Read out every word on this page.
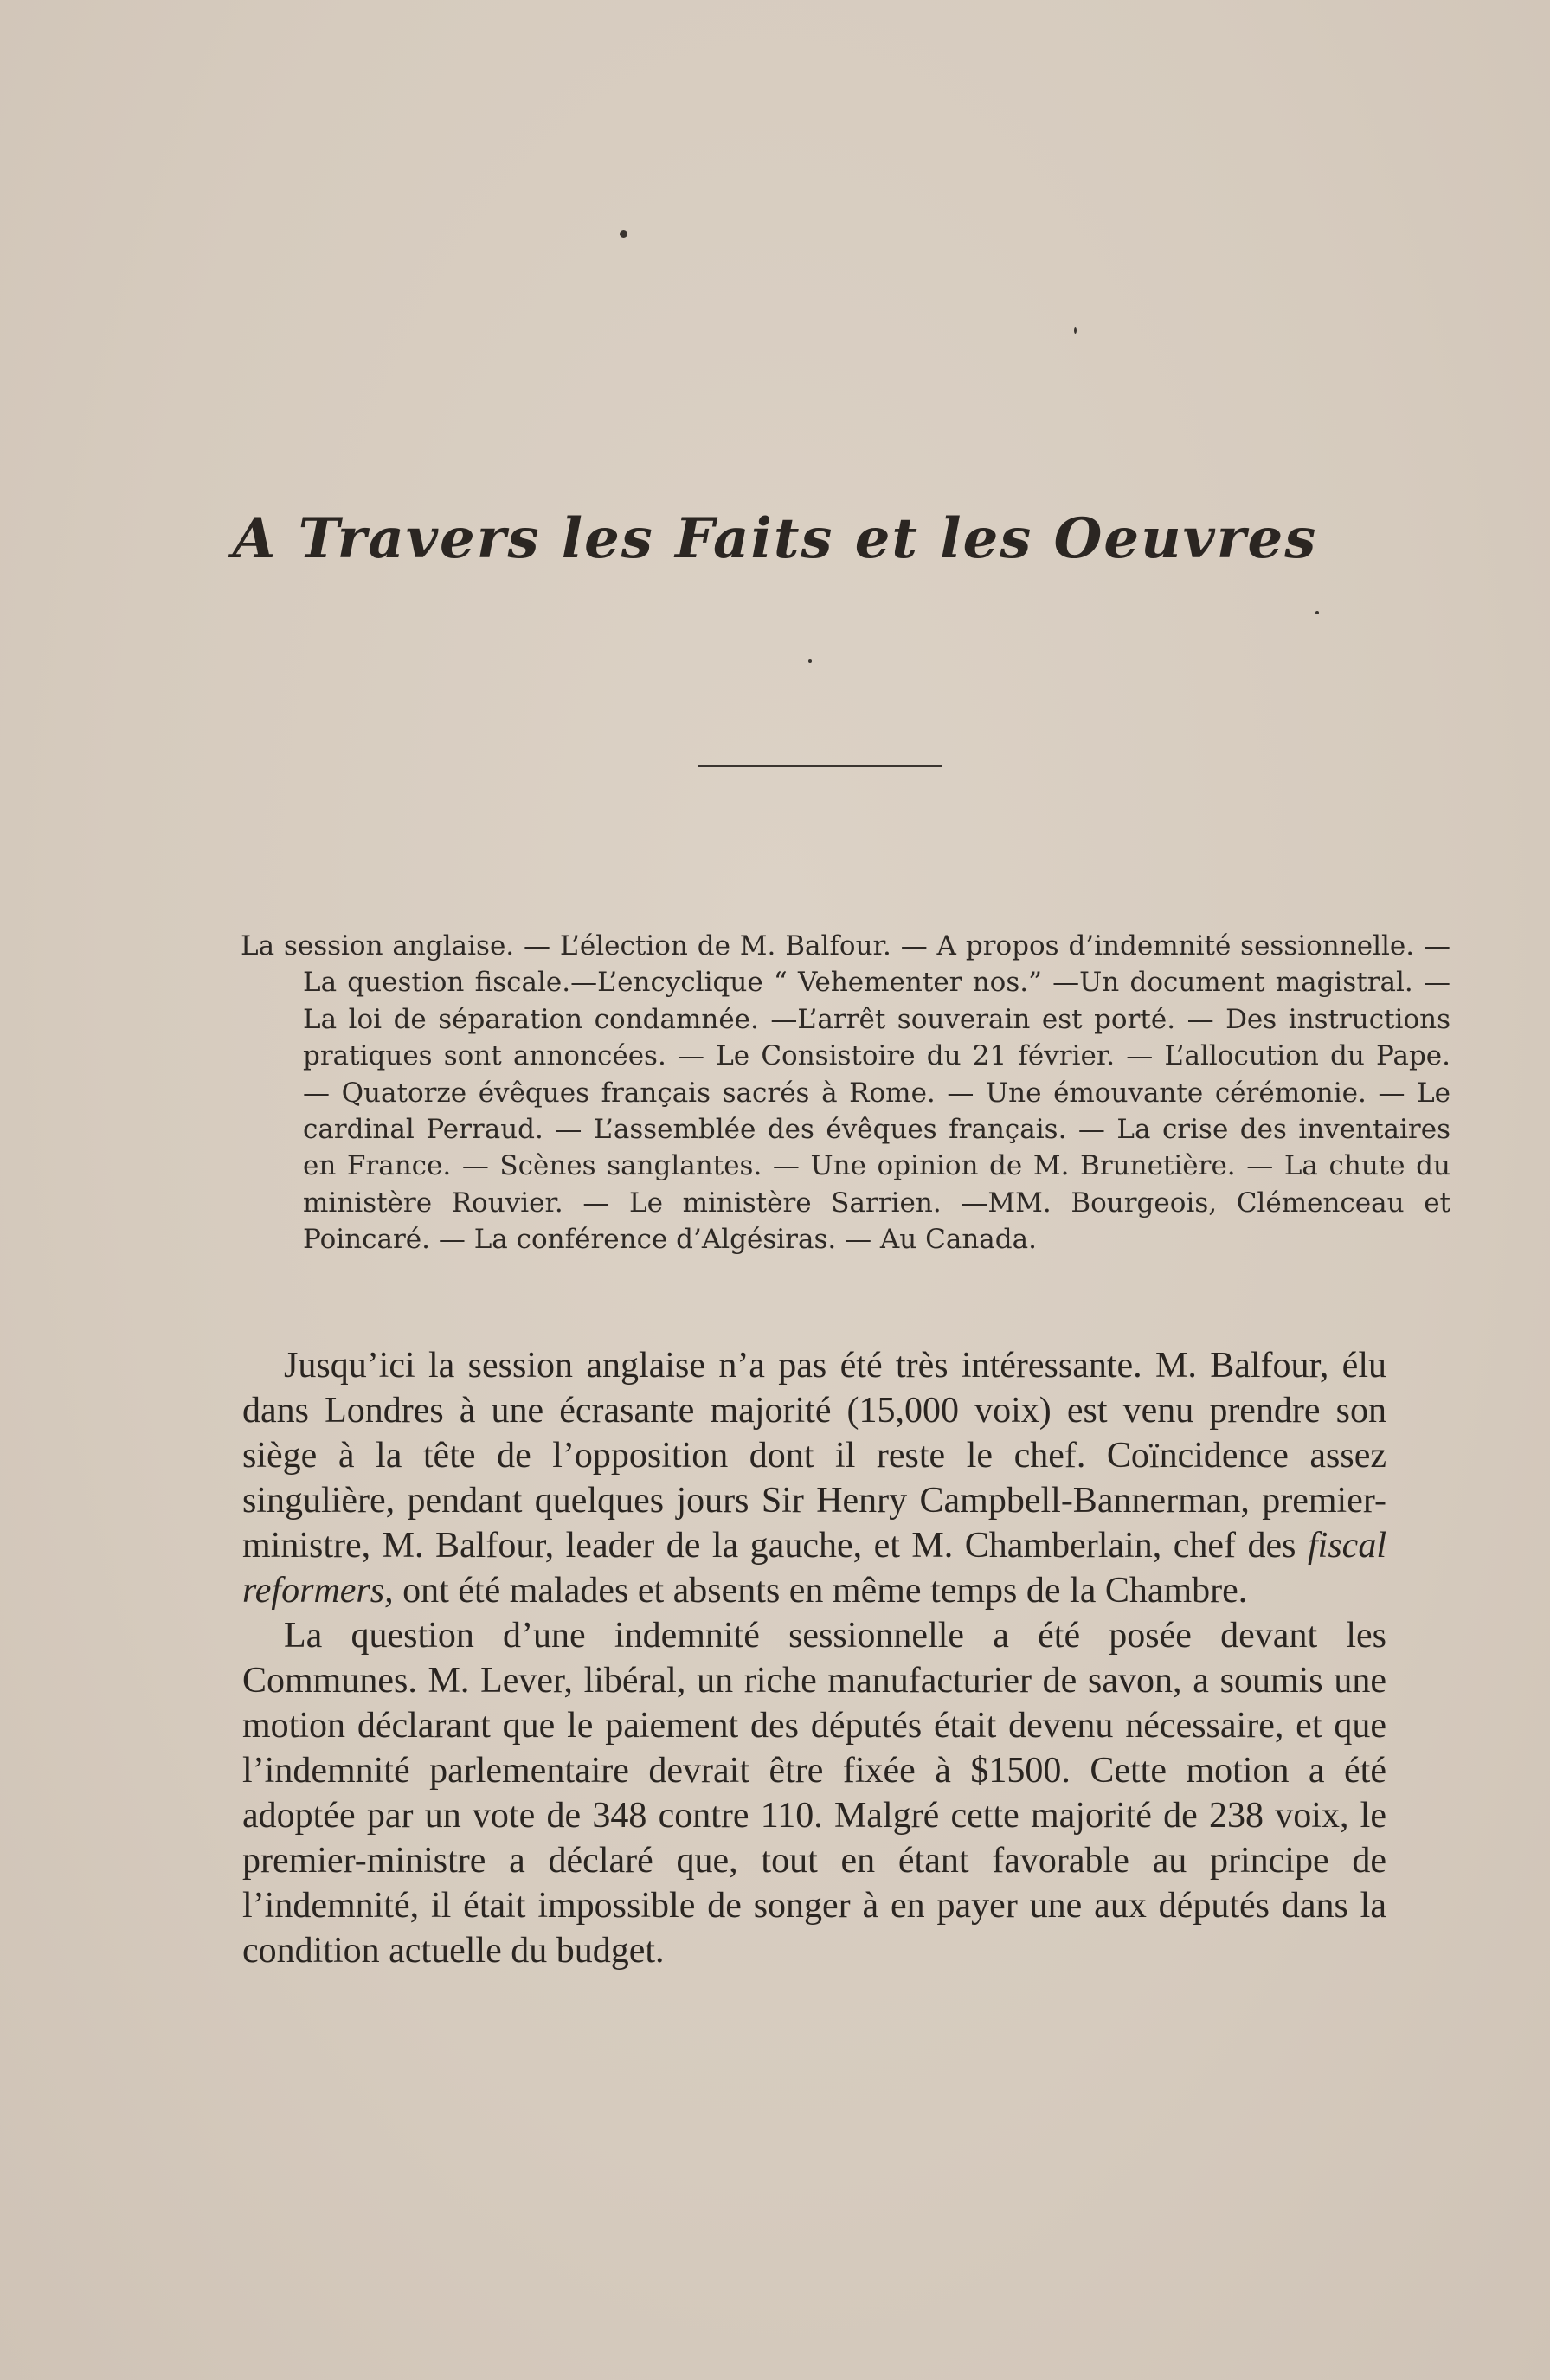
A Travers les Faits et les Oeuvres
La session anglaise. — L’élection de M. Balfour. — A propos d’indemnité sessionnelle. — La question fiscale.—L’encyclique “ Vehementer nos.” —Un document magistral. — La loi de séparation condamnée. —L’arrêt souverain est porté. — Des instructions pratiques sont annoncées. — Le Consistoire du 21 février. — L’allocution du Pape. — Quatorze évêques français sacrés à Rome. — Une émouvante cérémonie. — Le cardinal Perraud. — L’assemblée des évêques français. — La crise des inventaires en France. — Scènes sanglantes. — Une opinion de M. Brunetière. — La chute du ministère Rouvier. — Le ministère Sarrien. —MM. Bourgeois, Clémenceau et Poincaré. — La conférence d’Algésiras. — Au Canada.

Jusqu’ici la session anglaise n’a pas été très intéressante. M. Balfour, élu dans Londres à une écrasante majorité (15,000 voix) est venu prendre son siège à la tête de l’opposition dont il reste le chef. Coïncidence assez singulière, pendant quelques jours Sir Henry Campbell-Bannerman, premier-ministre, M. Balfour, leader de la gauche, et M. Chamberlain, chef des fiscal reformers, ont été malades et absents en même temps de la Chambre.

La question d’une indemnité sessionnelle a été posée devant les Communes. M. Lever, libéral, un riche manufacturier de savon, a soumis une motion déclarant que le paiement des députés était devenu nécessaire, et que l’indemnité parlementaire devrait être fixée à $1500. Cette motion a été adoptée par un vote de 348 contre 110. Malgré cette majorité de 238 voix, le premier-ministre a déclaré que, tout en étant favorable au principe de l’indemnité, il était impossible de songer à en payer une aux députés dans la condition actuelle du budget.
